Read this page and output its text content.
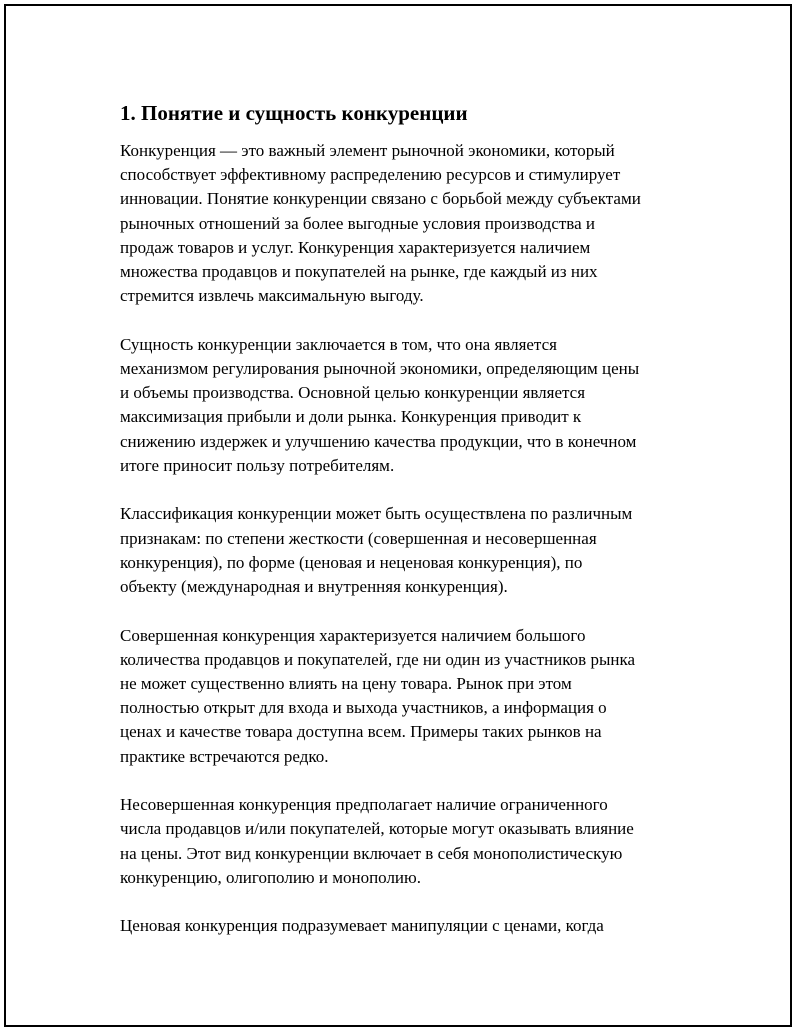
1. Понятие и сущность конкуренции
Конкуренция — это важный элемент рыночной экономики, который
способствует эффективному распределению ресурсов и стимулирует
инновации. Понятие конкуренции связано с борьбой между субъектами
рыночных отношений за более выгодные условия производства и
продаж товаров и услуг. Конкуренция характеризуется наличием
множества продавцов и покупателей на рынке, где каждый из них
стремится извлечь максимальную выгоду.
Сущность конкуренции заключается в том, что она является
механизмом регулирования рыночной экономики, определяющим цены
и объемы производства. Основной целью конкуренции является
максимизация прибыли и доли рынка. Конкуренция приводит к
снижению издержек и улучшению качества продукции, что в конечном
итоге приносит пользу потребителям.
Классификация конкуренции может быть осуществлена по различным
признакам: по степени жесткости (совершенная и несовершенная
конкуренция), по форме (ценовая и неценовая конкуренция), по
объекту (международная и внутренняя конкуренция).
Совершенная конкуренция характеризуется наличием большого
количества продавцов и покупателей, где ни один из участников рынка
не может существенно влиять на цену товара. Рынок при этом
полностью открыт для входа и выхода участников, а информация о
ценах и качестве товара доступна всем. Примеры таких рынков на
практике встречаются редко.
Несовершенная конкуренция предполагает наличие ограниченного
числа продавцов и/или покупателей, которые могут оказывать влияние
на цены. Этот вид конкуренции включает в себя монополистическую
конкуренцию, олигополию и монополию.
Ценовая конкуренция подразумевает манипуляции с ценами, когда
